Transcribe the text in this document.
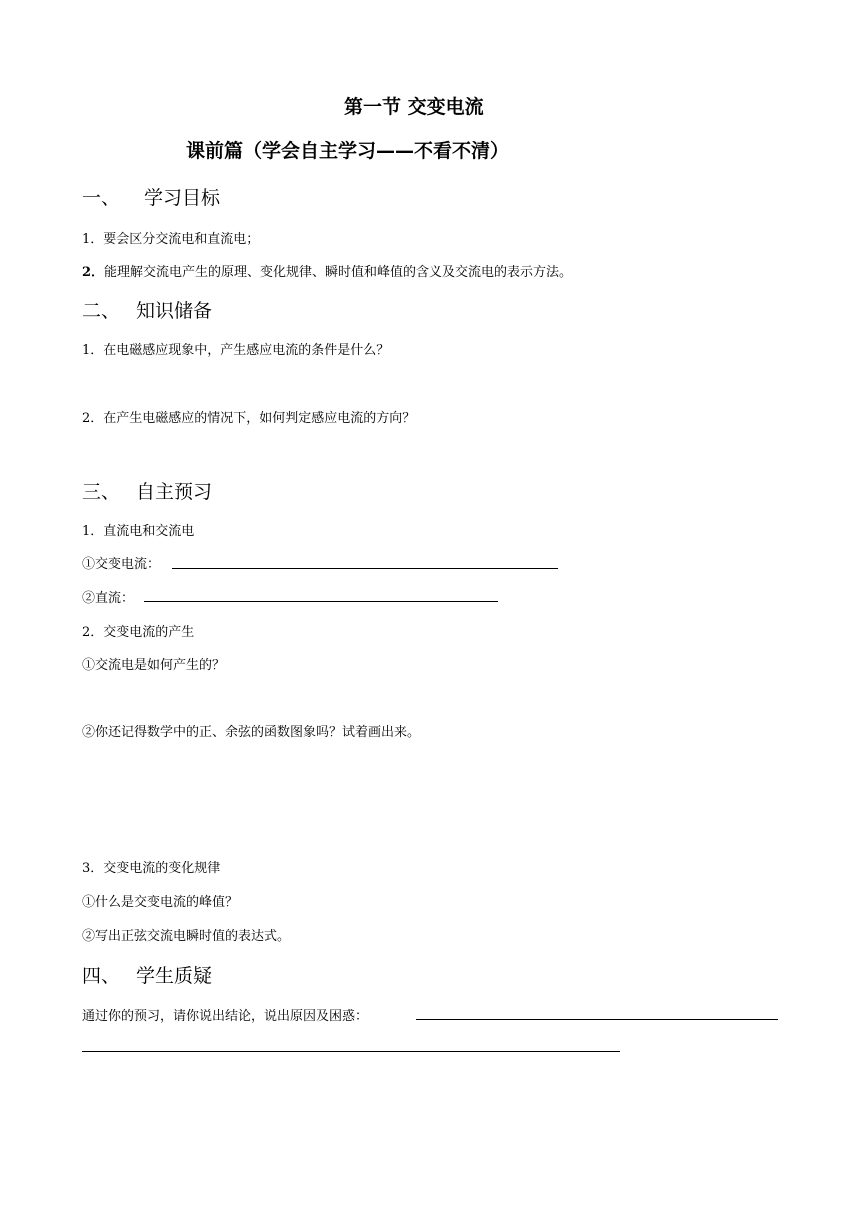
第一节 交变电流
课前篇（学会自主学习——不看不清）
一、 学习目标
1．要会区分交流电和直流电；
2．能理解交流电产生的原理、变化规律、瞬时值和峰值的含义及交流电的表示方法。
二、 知识储备
1．在电磁感应现象中，产生感应电流的条件是什么？
2．在产生电磁感应的情况下，如何判定感应电流的方向？
三、 自主预习
1．直流电和交流电
①交变电流：
②直流：
2．交变电流的产生
①交流电是如何产生的？
②你还记得数学中的正、余弦的函数图象吗？试着画出来。
3．交变电流的变化规律
①什么是交变电流的峰值？
②写出正弦交流电瞬时值的表达式。
四、 学生质疑
通过你的预习，请你说出结论，说出原因及困惑：
